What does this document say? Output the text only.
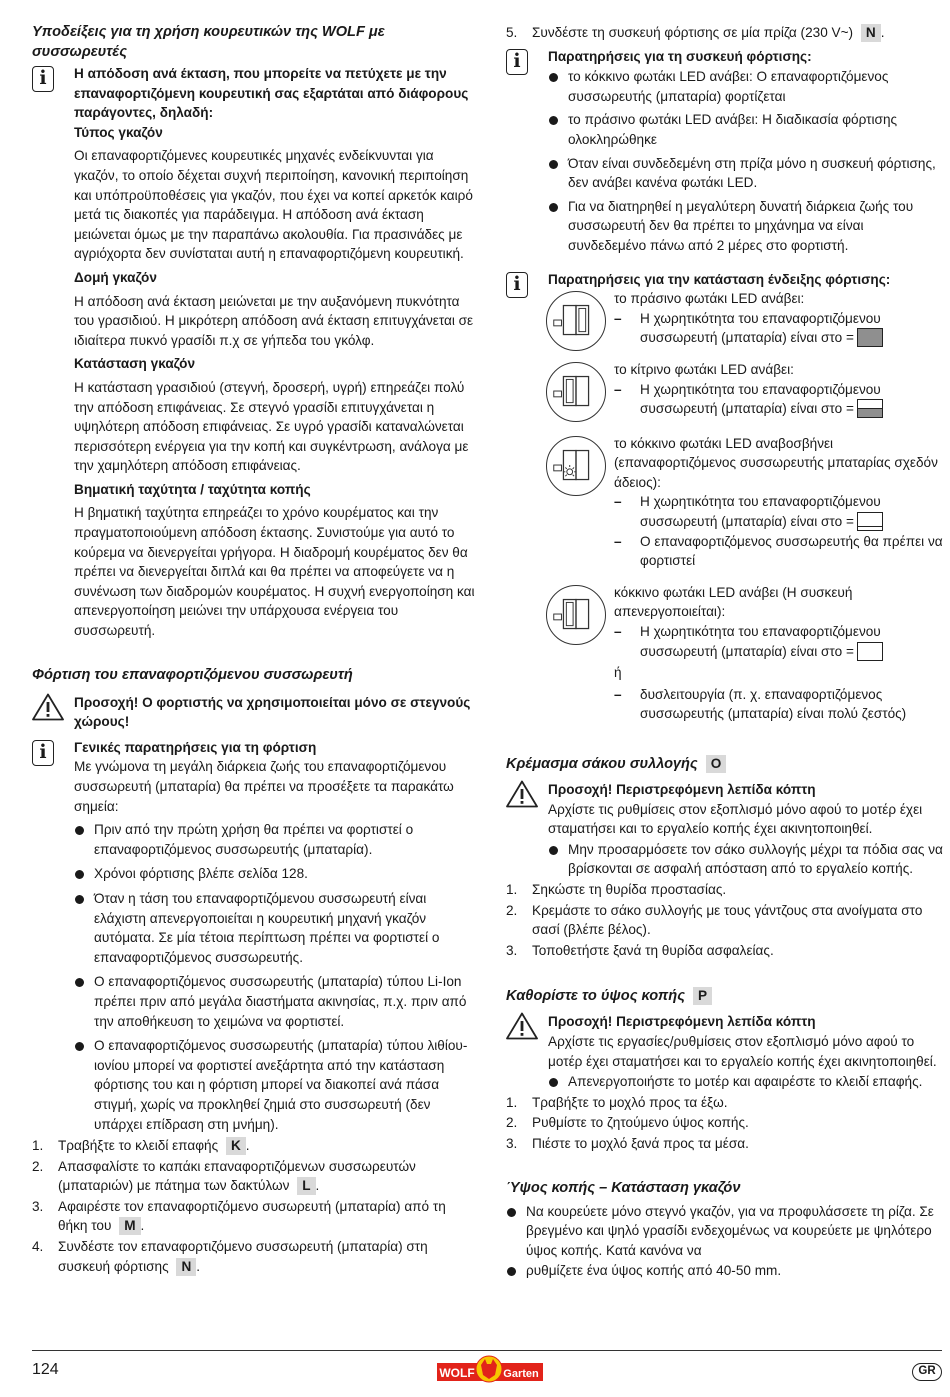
Υποδείξεις για τη χρήση κουρευτικών της WOLF με συσσωρευτές
i	Η απόδοση ανά έκταση, που μπορείτε να πετύχετε με την επαναφορτιζόμενη κουρευτική σας εξαρτάται από διάφορους παράγοντες, δηλαδή:
Τύπος γκαζόν
Οι επαναφορτιζόμενες κουρευτικές μηχανές ενδείκνυνται για γκαζόν, το οποίο δέχεται συχνή περιποίηση, κανονική περιποίηση και υπόπροϋποθέσεις για γκαζόν, που έχει να κοπεί αρκετόκ καιρό μετά τις διακοπές για παράδειγμα. Η απόδοση ανά έκταση μειώνεται όμως με την παραπάνω ακολουθία. Για πρασινάδες με αγριόχορτα δεν συνίσταται αυτή η επαναφορτιζόμενη κουρευτική.
Δομή γκαζόν
Η απόδοση ανά έκταση μειώνεται με την αυξανόμενη πυκνότητα του γρασιδιού. Η μικρότερη απόδοση ανά έκταση επιτυγχάνεται σε ιδιαίτερα πυκνό γρασίδι π.χ σε γήπεδα του γκόλφ.
Κατάσταση γκαζόν
Η κατάσταση γρασιδιού (στεγνή, δροσερή, υγρή) επηρεάζει πολύ την απόδοση επιφάνειας. Σε στεγνό γρασίδι επιτυγχάνεται η υψηλότερη απόδοση επιφάνειας. Σε υγρό γρασίδι καταναλώνεται περισσότερη ενέργεια για την κοπή και συγκέντρωση, ανάλογα με την χαμηλότερη απόδοση επιφάνειας.
Βηματική ταχύτητα / ταχύτητα κοπής
Η βηματική ταχύτητα επηρεάζει το χρόνο κουρέματος και την πραγματοποιούμενη απόδοση έκτασης. Συνιστούμε για αυτό το κούρεμα να διενεργείται γρήγορα. Η διαδρομή κουρέματος δεν θα πρέπει να διενεργείται διπλά και θα πρέπει να αποφεύγετε να η συνένωση των διαδρομών κουρέματος. Η συχνή ενεργοποίηση και απενεργοποίηση μειώνει την υπάρχουσα ενέργεια του συσσωρευτή.
Φόρτιση του επαναφορτιζόμενου συσσωρευτή
Προσοχή! Ο φορτιστής να χρησιμοποιείται μόνο σε στεγνούς χώρους!
i	Γενικές παρατηρήσεις για τη φόρτιση
Με γνώμονα τη μεγάλη διάρκεια ζωής του επαναφορτιζόμενου συσσωρευτή (μπαταρία) θα πρέπει να προσέξετε τα παρακάτω σημεία:
Πριν από την πρώτη χρήση θα πρέπει να φορτιστεί ο επαναφορτιζόμενος συσσωρευτής (μπαταρία).
Χρόνοι φόρτισης βλέπε σελίδα 128.
Όταν η τάση του επαναφορτιζόμενου συσσωρευτή είναι ελάχιστη απενεργοποιείται η κουρευτική μηχανή γκαζόν αυτόματα. Σε μία τέτοια περίπτωση πρέπει να φορτιστεί ο επαναφορτιζόμενος συσσωρευτής.
Ο επαναφορτιζόμενος συσσωρευτής (μπαταρία) τύπου Li-Ion πρέπει πριν από μεγάλα διαστήματα ακινησίας, π.χ. πριν από την αποθήκευση το χειμώνα να φορτιστεί.
Ο επαναφορτιζόμενος συσσωρευτής (μπαταρία) τύπου λιθίου-ιονίου μπορεί να φορτιστεί ανεξάρτητα από την κατάσταση φόρτισης του και η φόρτιση μπορεί να διακοπεί ανά πάσα στιγμή, χωρίς να προκληθεί ζημιά στο συσσωρευτή (δεν υπάρχει επίδραση στη μνήμη).
1. Τραβήξτε το κλειδί επαφής K .
2. Απασφαλίστε το καπάκι επαναφορτιζόμενων συσσωρευτών (μπαταριών) με πάτημα των δακτύλων L .
3. Αφαιρέστε τον επαναφορτιζόμενο συσωρευτή (μπαταρία) από τη θήκη του M .
4. Συνδέστε τον επαναφορτιζόμενο συσσωρευτή (μπαταρία) στη συσκευή φόρτισης N .
5. Συνδέστε τη συσκευή φόρτισης σε μία πρίζα (230 V~) N .
i	Παρατηρήσεις για τη συσκευή φόρτισης:
το κόκκινο φωτάκι LED ανάβει: Ο επαναφορτιζόμενος συσσωρευτής (μπαταρία) φορτίζεται
το πράσινο φωτάκι LED ανάβει: Η διαδικασία φόρτισης ολοκληρώθηκε
Όταν είναι συνδεδεμένη στη πρίζα μόνο η συσκευή φόρτισης, δεν ανάβει κανένα φωτάκι LED.
Για να διατηρηθεί η μεγαλύτερη δυνατή διάρκεια ζωής του συσσωρευτή δεν θα πρέπει το μηχάνημα να είναι συνδεδεμένο πάνω από 2 μέρες στο φορτιστή.
i	Παρατηρήσεις για την κατάσταση ένδειξης φόρτισης:
το πράσινο φωτάκι LED ανάβει:
– Η χωρητικότητα του επαναφορτιζόμενου συσσωρευτή (μπαταρία) είναι στο =
το κίτρινο φωτάκι LED ανάβει:
– Η χωρητικότητα του επαναφορτιζόμενου συσσωρευτή (μπαταρία) είναι στο =
το κόκκινο φωτάκι LED αναβοσβήνει (επαναφορτιζόμενος συσσωρευτής μπαταρίας σχεδόν άδειος):
– Η χωρητικότητα του επαναφορτιζόμενου συσσωρευτή (μπαταρία) είναι στο =
– Ο επαναφορτιζόμενος συσσωρευτής θα πρέπει να φορτιστεί
κόκκινο φωτάκι LED ανάβει (Η συσκευή απενεργοποιείται):
– Η χωρητικότητα του επαναφορτιζόμενου συσσωρευτή (μπαταρία) είναι στο =
ή
– δυσλειτουργία (π. χ. επαναφορτιζόμενος συσσωρευτής (μπαταρία) είναι πολύ ζεστός)
Κρέμασμα σάκου συλλογής O
Προσοχή! Περιστρεφόμενη λεπίδα κόπτη
Αρχίστε τις ρυθμίσεις στον εξοπλισμό μόνο αφού το μοτέρ έχει σταματήσει και το εργαλείο κοπής έχει ακινητοποιηθεί.
Μην προσαρμόσετε τον σάκο συλλογής μέχρι τα πόδια σας να βρίσκονται σε ασφαλή απόσταση από το εργαλείο κοπής.
1. Σηκώστε τη θυρίδα προστασίας.
2. Κρεμάστε το σάκο συλλογής με τους γάντζους στα ανοίγματα στο σασί (βλέπε βέλος).
3. Τοποθετήστε ξανά τη θυρίδα ασφαλείας.
Καθορίστε το ύψος κοπής P
Προσοχή! Περιστρεφόμενη λεπίδα κόπτη
Αρχίστε τις εργασίες/ρυθμίσεις στον εξοπλισμό μόνο αφού το μοτέρ έχει σταματήσει και το εργαλείο κοπής έχει ακινητοποιηθεί.
Απενεργοποιήστε το μοτέρ και αφαιρέστε το κλειδί επαφής.
1. Τραβήξτε το μοχλό προς τα έξω.
2. Ρυθμίστε το ζητούμενο ύψος κοπής.
3. Πιέστε το μοχλό ξανά προς τα μέσα.
Ύψος κοπής – Κατάσταση γκαζόν
Να κουρεύετε μόνο στεγνό γκαζόν, για να προφυλάσσετε τη ρίζα. Σε βρεγμένο και ψηλό γρασίδι ενδεχομένως να κουρεύετε με ψηλότερο ύψος κοπής. Κατά κανόνα να
ρυθμίζετε ένα ύψος κοπής από 40-50 mm.
124	WOLF	Garten	GR
